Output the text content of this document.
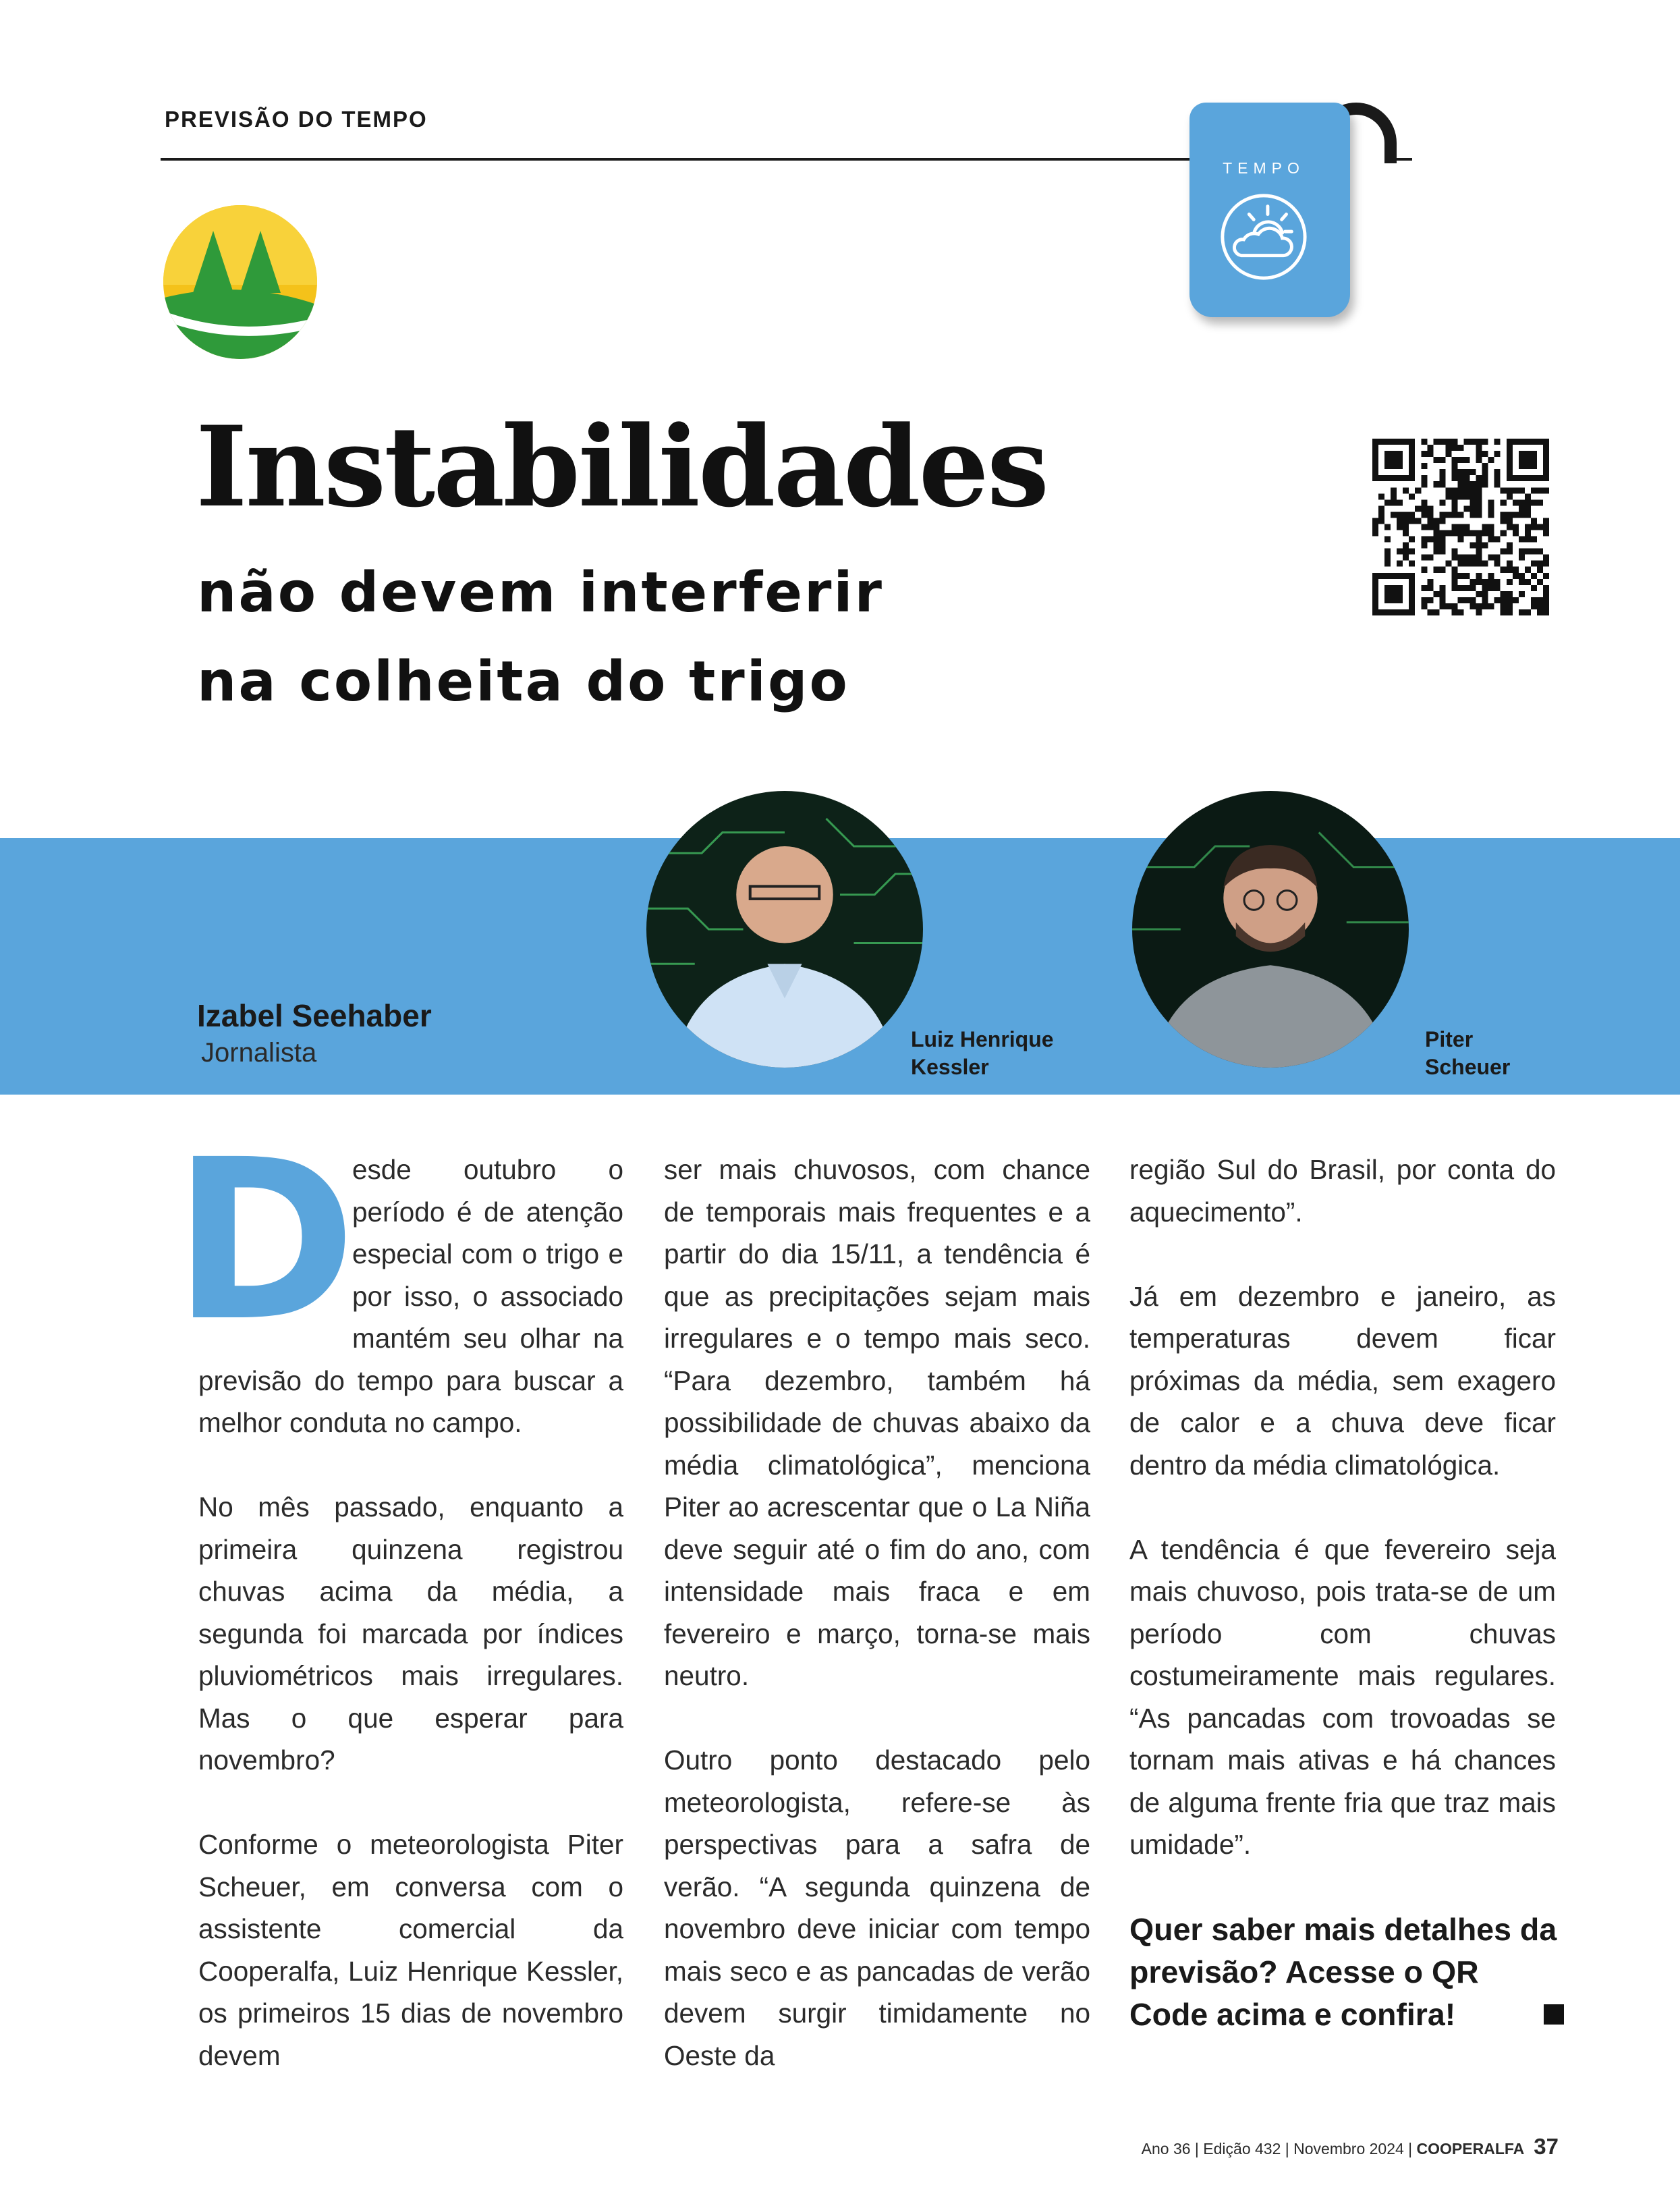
PREVISÃO DO TEMPO
TEMPO
Instabilidades
não devem interferir
na colheita do trigo
Izabel Seehaber
Jornalista	Luiz Henrique
Kessler
Piter
Scheuer

D
esde outubro o período é de atenção especial com o trigo e por isso, o associado mantém seu olhar na previsão do tempo para buscar a melhor conduta no campo.

No mês passado, enquanto a primeira quinzena registrou chuvas acima da média, a segunda foi marcada por índices pluviométricos mais irregulares. Mas o que esperar para novembro?

Conforme o meteorologista Piter Scheuer, em conversa com o assistente comercial da Cooperalfa, Luiz Henrique Kessler, os primeiros 15 dias de novembro devem

ser mais chuvosos, com chance de temporais mais frequentes e a partir do dia 15/11, a tendência é que as precipitações sejam mais irregulares e o tempo mais seco. “Para dezembro, também há possibilidade de chuvas abaixo da média climatológica”, menciona Piter ao acrescentar que o La Niña deve seguir até o fim do ano, com intensidade mais fraca e em fevereiro e março, torna-se mais neutro.

Outro ponto destacado pelo meteorologista, refere-se às perspectivas para a safra de verão. “A segunda quinzena de novembro deve iniciar com tempo mais seco e as pancadas de verão devem surgir timidamente no Oeste da

região Sul do Brasil, por conta do aquecimento”.

Já em dezembro e janeiro, as temperaturas devem ficar próximas da média, sem exagero de calor e a chuva deve ficar dentro da média climatológica.

A tendência é que fevereiro seja mais chuvoso, pois trata-se de um período com chuvas costumeiramente mais regulares. “As pancadas com trovoadas se tornam mais ativas e há chances de alguma frente fria que traz mais umidade”.

Quer saber mais detalhes da previsão? Acesse o QR Code acima e confira!
Ano 36 | Edição 432 | Novembro 2024 | COOPERALFA 37
